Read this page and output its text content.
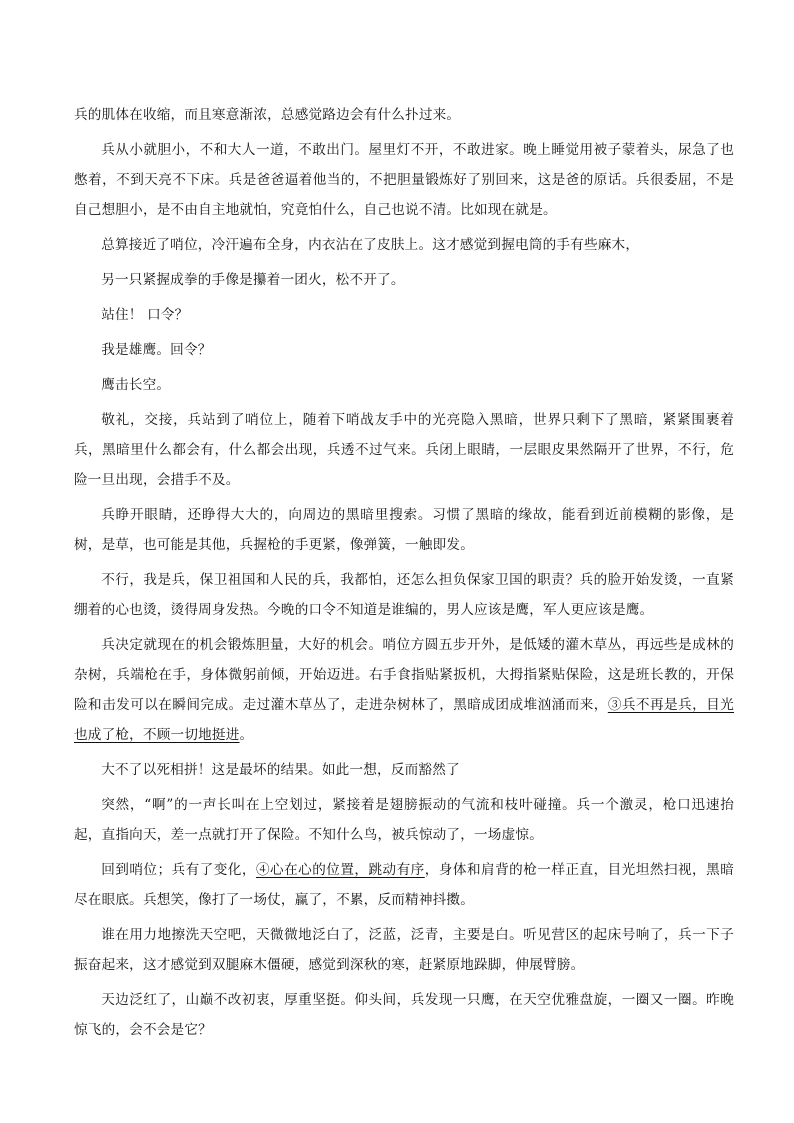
兵的肌体在收缩，而且寒意渐浓，总感觉路边会有什么扑过来。

兵从小就胆小，不和大人一道，不敢出门。屋里灯不开，不敢进家。晚上睡觉用被子蒙着头，尿急了也憋着，不到天亮不下床。兵是爸爸逼着他当的，不把胆量锻炼好了别回来，这是爸的原话。兵很委屈，不是自己想胆小，是不由自主地就怕，究竟怕什么，自己也说不清。比如现在就是。

总算接近了哨位，冷汗遍布全身，内衣沾在了皮肤上。这才感觉到握电筒的手有些麻木，

另一只紧握成拳的手像是攥着一团火，松不开了。

站住！ 口令？

我是雄鹰。回令？

鹰击长空。

敬礼，交接，兵站到了哨位上，随着下哨战友手中的光亮隐入黑暗，世界只剩下了黑暗，紧紧围裹着兵，黑暗里什么都会有，什么都会出现，兵透不过气来。兵闭上眼睛，一层眼皮果然隔开了世界，不行，危险一旦出现，会措手不及。

兵睁开眼睛，还睁得大大的，向周边的黑暗里搜索。习惯了黑暗的缘故，能看到近前模糊的影像，是树，是草，也可能是其他，兵握枪的手更紧，像弹簧，一触即发。

不行，我是兵，保卫祖国和人民的兵，我都怕，还怎么担负保家卫国的职责？兵的脸开始发烫，一直紧绷着的心也烫，烫得周身发热。今晚的口令不知道是谁编的，男人应该是鹰，军人更应该是鹰。

兵决定就现在的机会锻炼胆量，大好的机会。哨位方圆五步开外，是低矮的灌木草丛，再远些是成林的杂树，兵端枪在手，身体微躬前倾，开始迈进。右手食指贴紧扳机，大拇指紧贴保险，这是班长教的，开保险和击发可以在瞬间完成。走过灌木草丛了，走进杂树林了，黑暗成团成堆汹涌而来，③兵不再是兵，目光也成了枪，不顾一切地挺进。

大不了以死相拼！这是最坏的结果。如此一想，反而豁然了

突然，“啊”的一声长叫在上空划过，紧接着是翅膀振动的气流和枝叶碰撞。兵一个激灵，枪口迅速抬起，直指向天，差一点就打开了保险。不知什么鸟，被兵惊动了，一场虚惊。

回到哨位；兵有了变化，④心在心的位置，跳动有序，身体和肩背的枪一样正直，目光坦然扫视，黑暗尽在眼底。兵想笑，像打了一场仗，赢了，不累，反而精神抖擞。

谁在用力地擦洗天空吧，天微微地泛白了，泛蓝，泛青，主要是白。听见营区的起床号响了，兵一下子振奋起来，这才感觉到双腿麻木僵硬，感觉到深秋的寒，赶紧原地跺脚，伸展臂膀。

天边泛红了，山巅不改初衷，厚重坚挺。仰头间，兵发现一只鹰，在天空优雅盘旋，一圈又一圈。昨晚惊飞的，会不会是它？
